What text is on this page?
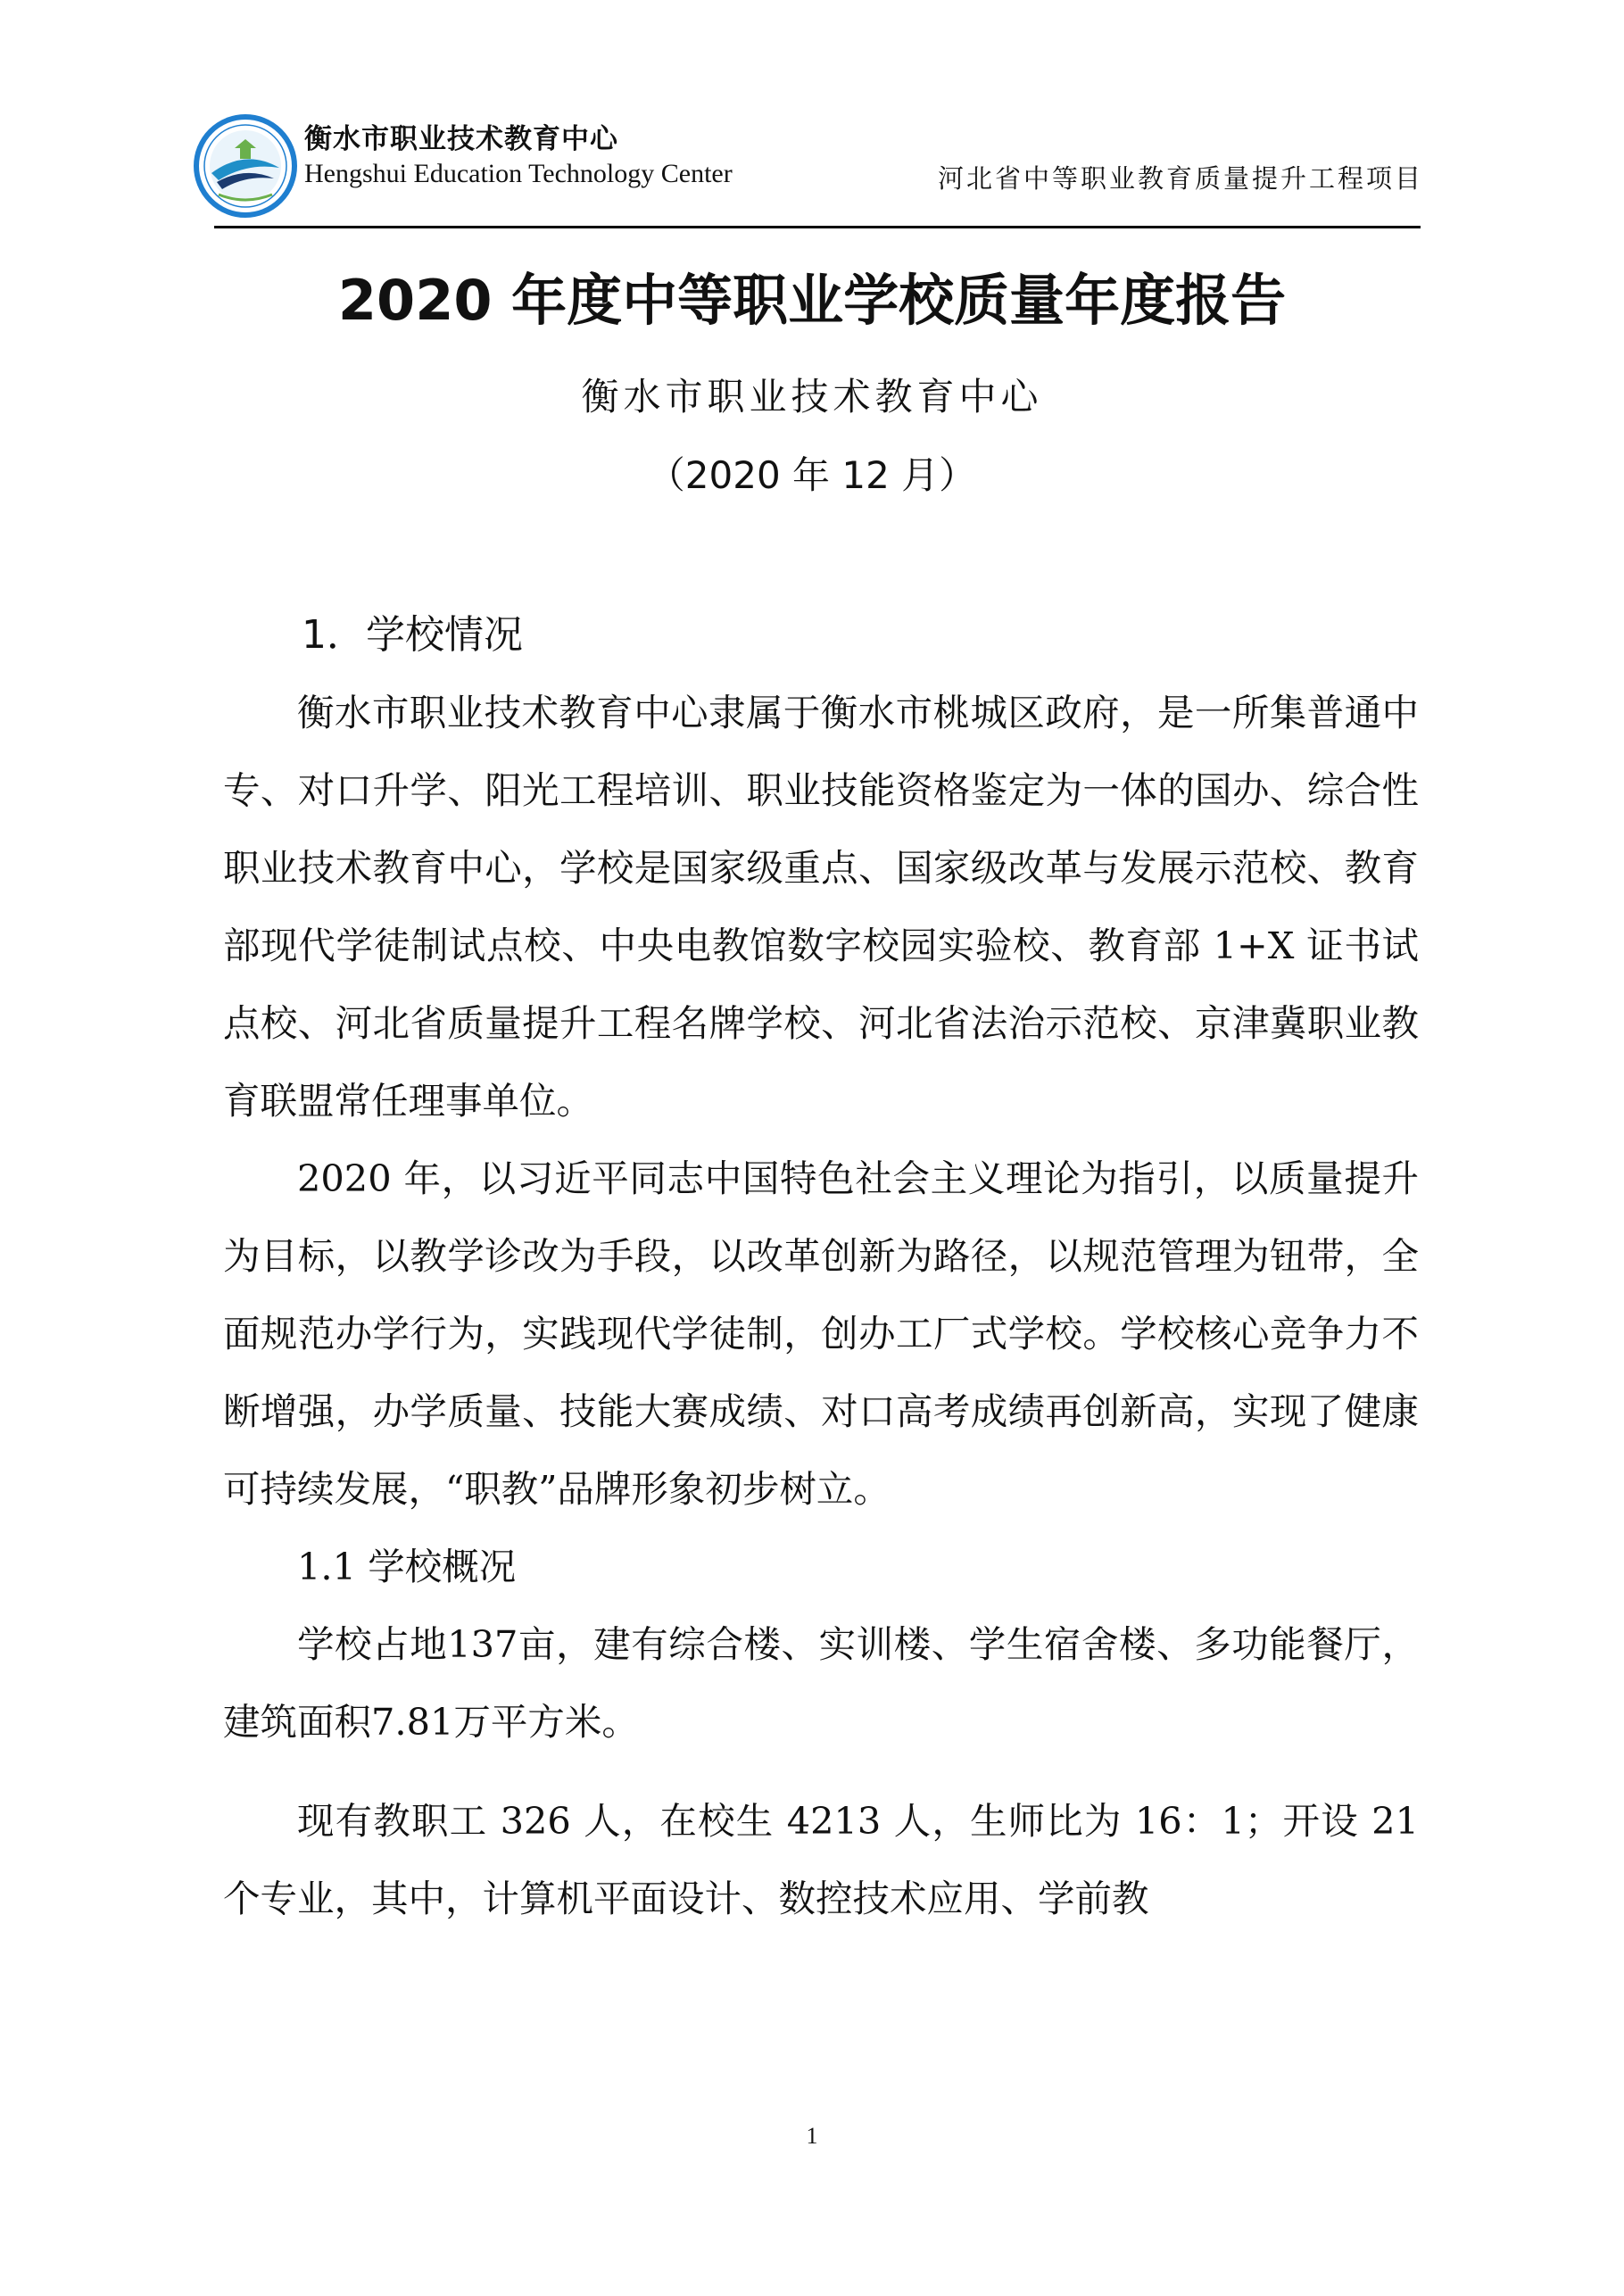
衡水市职业技术教育中心
Hengshui Education Technology Center	河北省中等职业教育质量提升工程项目
2020 年度中等职业学校质量年度报告
衡水市职业技术教育中心
（2020 年 12 月）

1．学校情况

衡水市职业技术教育中心隶属于衡水市桃城区政府，是一所集普通中专、对口升学、阳光工程培训、职业技能资格鉴定为一体的国办、综合性职业技术教育中心，学校是国家级重点、国家级改革与发展示范校、教育部现代学徒制试点校、中央电教馆数字校园实验校、教育部 1+X 证书试点校、河北省质量提升工程名牌学校、河北省法治示范校、京津冀职业教育联盟常任理事单位。

2020 年，以习近平同志中国特色社会主义理论为指引，以质量提升为目标，以教学诊改为手段，以改革创新为路径，以规范管理为钮带，全面规范办学行为，实践现代学徒制，创办工厂式学校。学校核心竞争力不断增强，办学质量、技能大赛成绩、对口高考成绩再创新高，实现了健康可持续发展，“职教”品牌形象初步树立。

1.1 学校概况

学校占地137亩，建有综合楼、实训楼、学生宿舍楼、多功能餐厅，建筑面积7.81万平方米。

现有教职工 326 人，在校生 4213 人，生师比为 16：1；开设 21 个专业，其中，计算机平面设计、数控技术应用、学前教

1
